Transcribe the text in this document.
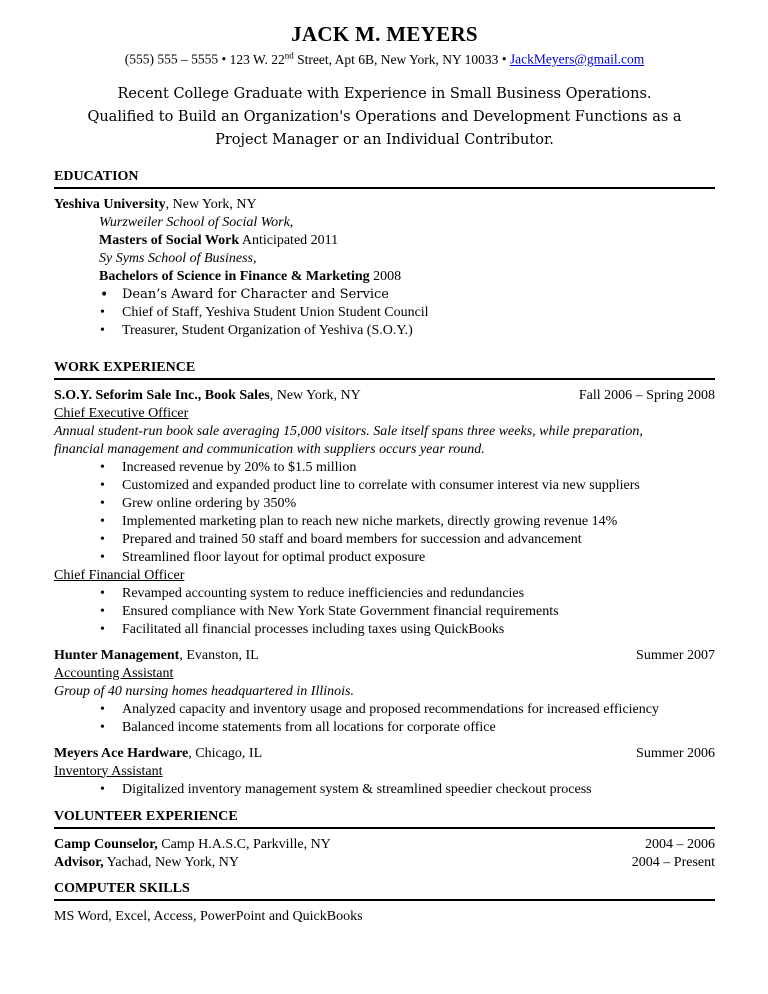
JACK M. MEYERS
(555) 555 – 5555 • 123 W. 22nd Street, Apt 6B, New York, NY 10033 • JackMeyers@gmail.com
Recent College Graduate with Experience in Small Business Operations.
Qualified to Build an Organization's Operations and Development Functions as a
Project Manager or an Individual Contributor.
EDUCATION
Yeshiva University, New York, NY
Wurzweiler School of Social Work,
Masters of Social Work Anticipated 2011
Sy Syms School of Business,
Bachelors of Science in Finance & Marketing 2008
• Dean’s Award for Character and Service
• Chief of Staff, Yeshiva Student Union Student Council
• Treasurer, Student Organization of Yeshiva (S.O.Y.)
WORK EXPERIENCE
S.O.Y. Seforim Sale Inc., Book Sales, New York, NY	Fall 2006 – Spring 2008
Chief Executive Officer
Annual student-run book sale averaging 15,000 visitors. Sale itself spans three weeks, while preparation,
financial management and communication with suppliers occurs year round.
• Increased revenue by 20% to $1.5 million
• Customized and expanded product line to correlate with consumer interest via new suppliers
• Grew online ordering by 350%
• Implemented marketing plan to reach new niche markets, directly growing revenue 14%
• Prepared and trained 50 staff and board members for succession and advancement
• Streamlined floor layout for optimal product exposure
Chief Financial Officer
• Revamped accounting system to reduce inefficiencies and redundancies
• Ensured compliance with New York State Government financial requirements
• Facilitated all financial processes including taxes using QuickBooks
Hunter Management, Evanston, IL	Summer 2007
Accounting Assistant
Group of 40 nursing homes headquartered in Illinois.
• Analyzed capacity and inventory usage and proposed recommendations for increased efficiency
• Balanced income statements from all locations for corporate office
Meyers Ace Hardware, Chicago, IL	Summer 2006
Inventory Assistant
• Digitalized inventory management system & streamlined speedier checkout process
VOLUNTEER EXPERIENCE
Camp Counselor, Camp H.A.S.C, Parkville, NY	2004 – 2006
Advisor, Yachad, New York, NY	2004 – Present
COMPUTER SKILLS
MS Word, Excel, Access, PowerPoint and QuickBooks
